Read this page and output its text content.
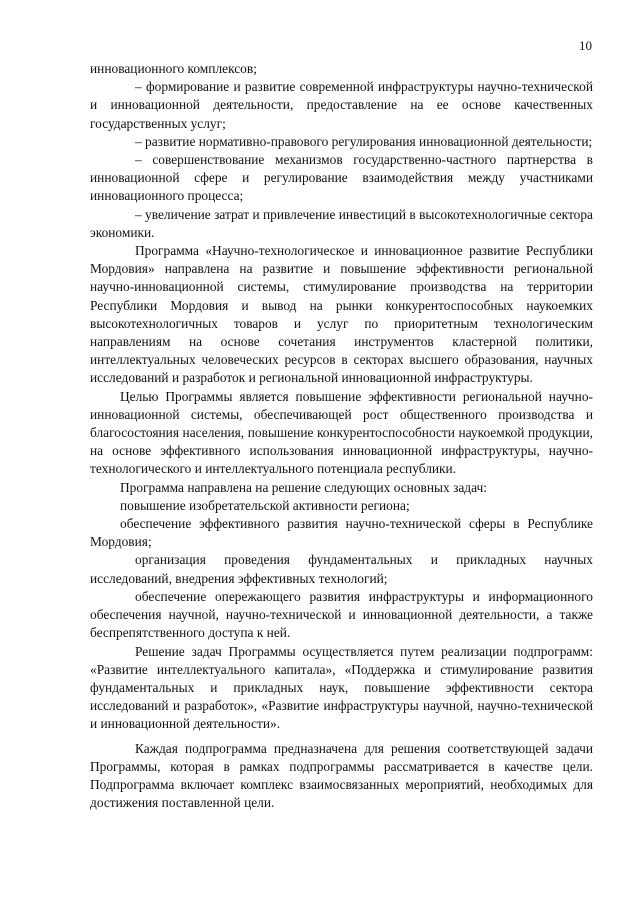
10

инновационного комплексов;

– формирование и развитие современной инфраструктуры научно-технической и инновационной деятельности, предоставление на ее основе качественных государственных услуг;

– развитие нормативно-правового регулирования инновационной деятельности;

– совершенствование механизмов государственно-частного партнерства в инновационной сфере и регулирование взаимодействия между участниками инновационного процесса;

– увеличение затрат и привлечение инвестиций в высокотехнологичные сектора экономики.

Программа «Научно-технологическое и инновационное развитие Республики Мордовия» направлена на развитие и повышение эффективности региональной научно-инновационной системы, стимулирование производства на территории Республики Мордовия и вывод на рынки конкурентоспособных наукоемких высокотехнологичных товаров и услуг по приоритетным технологическим направлениям на основе сочетания инструментов кластерной политики, интеллектуальных человеческих ресурсов в секторах высшего образования, научных исследований и разработок и региональной инновационной инфраструктуры.

Целью Программы является повышение эффективности региональной научно-инновационной системы, обеспечивающей рост общественного производства и благосостояния населения, повышение конкурентоспособности наукоемкой продукции, на основе эффективного использования инновационной инфраструктуры, научно-технологического и интеллектуального потенциала республики.

Программа направлена на решение следующих основных задач:

повышение изобретательской активности региона;

обеспечение эффективного развития научно-технической сферы в Республике Мордовия;

организация проведения фундаментальных и прикладных научных исследований, внедрения эффективных технологий;

обеспечение опережающего развития инфраструктуры и информационного обеспечения научной, научно-технической и инновационной деятельности, а также беспрепятственного доступа к ней.

Решение задач Программы осуществляется путем реализации подпрограмм: «Развитие интеллектуального капитала», «Поддержка и стимулирование развития фундаментальных и прикладных наук, повышение эффективности сектора исследований и разработок», «Развитие инфраструктуры научной, научно-технической и инновационной деятельности».

Каждая подпрограмма предназначена для решения соответствующей задачи Программы, которая в рамках подпрограммы рассматривается в качестве цели. Подпрограмма включает комплекс взаимосвязанных мероприятий, необходимых для достижения поставленной цели.
